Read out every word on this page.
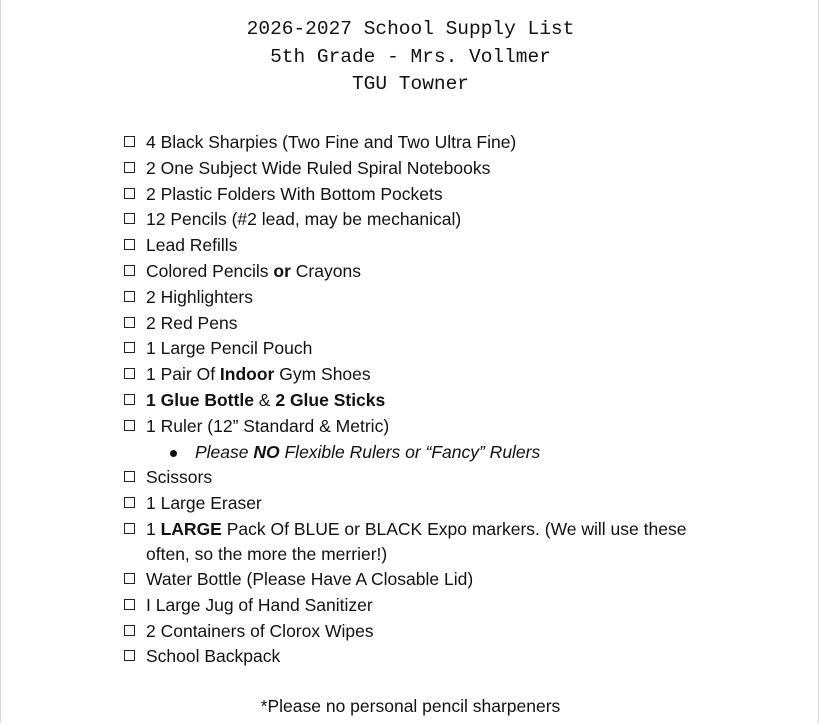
2026-2027 School Supply List
5th Grade - Mrs. Vollmer
TGU Towner
4 Black Sharpies (Two Fine and Two Ultra Fine)
2 One Subject Wide Ruled Spiral Notebooks
2 Plastic Folders With Bottom Pockets
12 Pencils (#2 lead, may be mechanical)
Lead Refills
Colored Pencils or Crayons
2 Highlighters
2 Red Pens
1 Large Pencil Pouch
1 Pair Of Indoor Gym Shoes
1 Glue Bottle & 2 Glue Sticks
1 Ruler (12” Standard & Metric)
Please NO Flexible Rulers or “Fancy” Rulers
Scissors
1 Large Eraser
1 LARGE Pack Of BLUE or BLACK Expo markers. (We will use these often, so the more the merrier!)
Water Bottle (Please Have A Closable Lid)
I Large Jug of Hand Sanitizer
2 Containers of Clorox Wipes
School Backpack
*Please no personal pencil sharpeners
